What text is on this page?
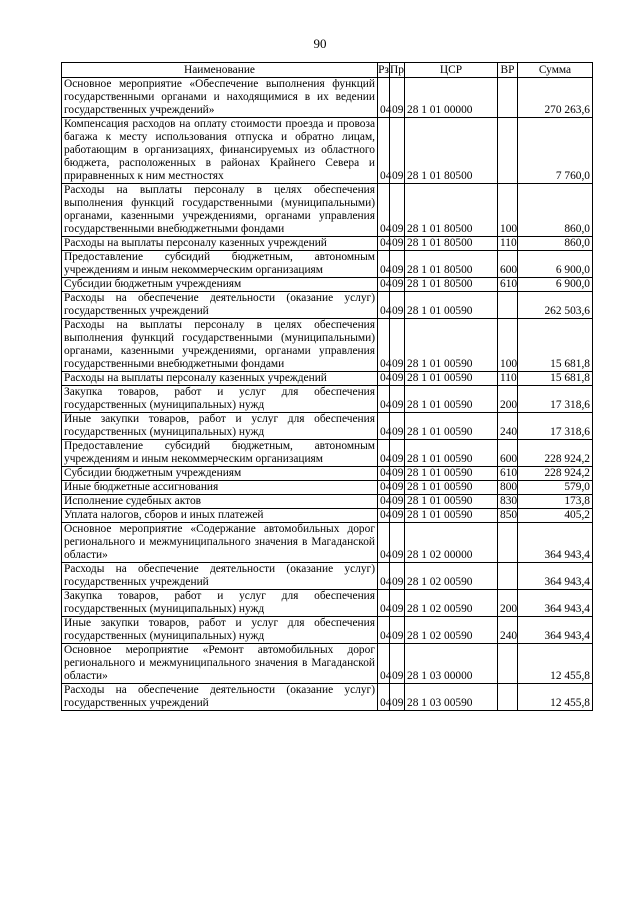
90
Наименование	Рз	Пр	ЦСР	ВР	Сумма
Основное мероприятие «Обеспечение выполнения функций государственными органами и находящимися в их ведении государственных учреждений»	04	09	28 1 01 00000		270 263,6
Компенсация расходов на оплату стоимости проезда и провоза багажа к месту использования отпуска и обратно лицам, работающим в организациях, финансируемых из областного бюджета, расположенных в районах Крайнего Севера и приравненных к ним местностях	04	09	28 1 01 80500		7 760,0
Расходы на выплаты персоналу в целях обеспечения выполнения функций государственными (муниципальными) органами, казенными учреждениями, органами управления государственными внебюджетными фондами	04	09	28 1 01 80500	100	860,0
Расходы на выплаты персоналу казенных учреждений	04	09	28 1 01 80500	110	860,0
Предоставление субсидий бюджетным, автономным учреждениям и иным некоммерческим организациям	04	09	28 1 01 80500	600	6 900,0
Субсидии бюджетным учреждениям	04	09	28 1 01 80500	610	6 900,0
Расходы на обеспечение деятельности (оказание услуг) государственных учреждений	04	09	28 1 01 00590		262 503,6
Расходы на выплаты персоналу в целях обеспечения выполнения функций государственными (муниципальными) органами, казенными учреждениями, органами управления государственными внебюджетными фондами	04	09	28 1 01 00590	100	15 681,8
Расходы на выплаты персоналу казенных учреждений	04	09	28 1 01 00590	110	15 681,8
Закупка товаров, работ и услуг для обеспечения государственных (муниципальных) нужд	04	09	28 1 01 00590	200	17 318,6
Иные закупки товаров, работ и услуг для обеспечения государственных (муниципальных) нужд	04	09	28 1 01 00590	240	17 318,6
Предоставление субсидий бюджетным, автономным учреждениям и иным некоммерческим организациям	04	09	28 1 01 00590	600	228 924,2
Субсидии бюджетным учреждениям	04	09	28 1 01 00590	610	228 924,2
Иные бюджетные ассигнования	04	09	28 1 01 00590	800	579,0
Исполнение судебных актов	04	09	28 1 01 00590	830	173,8
Уплата налогов, сборов и иных платежей	04	09	28 1 01 00590	850	405,2
Основное мероприятие «Содержание автомобильных дорог регионального и межмуниципального значения в Магаданской области»	04	09	28 1 02 00000		364 943,4
Расходы на обеспечение деятельности (оказание услуг) государственных учреждений	04	09	28 1 02 00590		364 943,4
Закупка товаров, работ и услуг для обеспечения государственных (муниципальных) нужд	04	09	28 1 02 00590	200	364 943,4
Иные закупки товаров, работ и услуг для обеспечения государственных (муниципальных) нужд	04	09	28 1 02 00590	240	364 943,4
Основное мероприятие «Ремонт автомобильных дорог регионального и межмуниципального значения в Магаданской области»	04	09	28 1 03 00000		12 455,8
Расходы на обеспечение деятельности (оказание услуг) государственных учреждений	04	09	28 1 03 00590		12 455,8
